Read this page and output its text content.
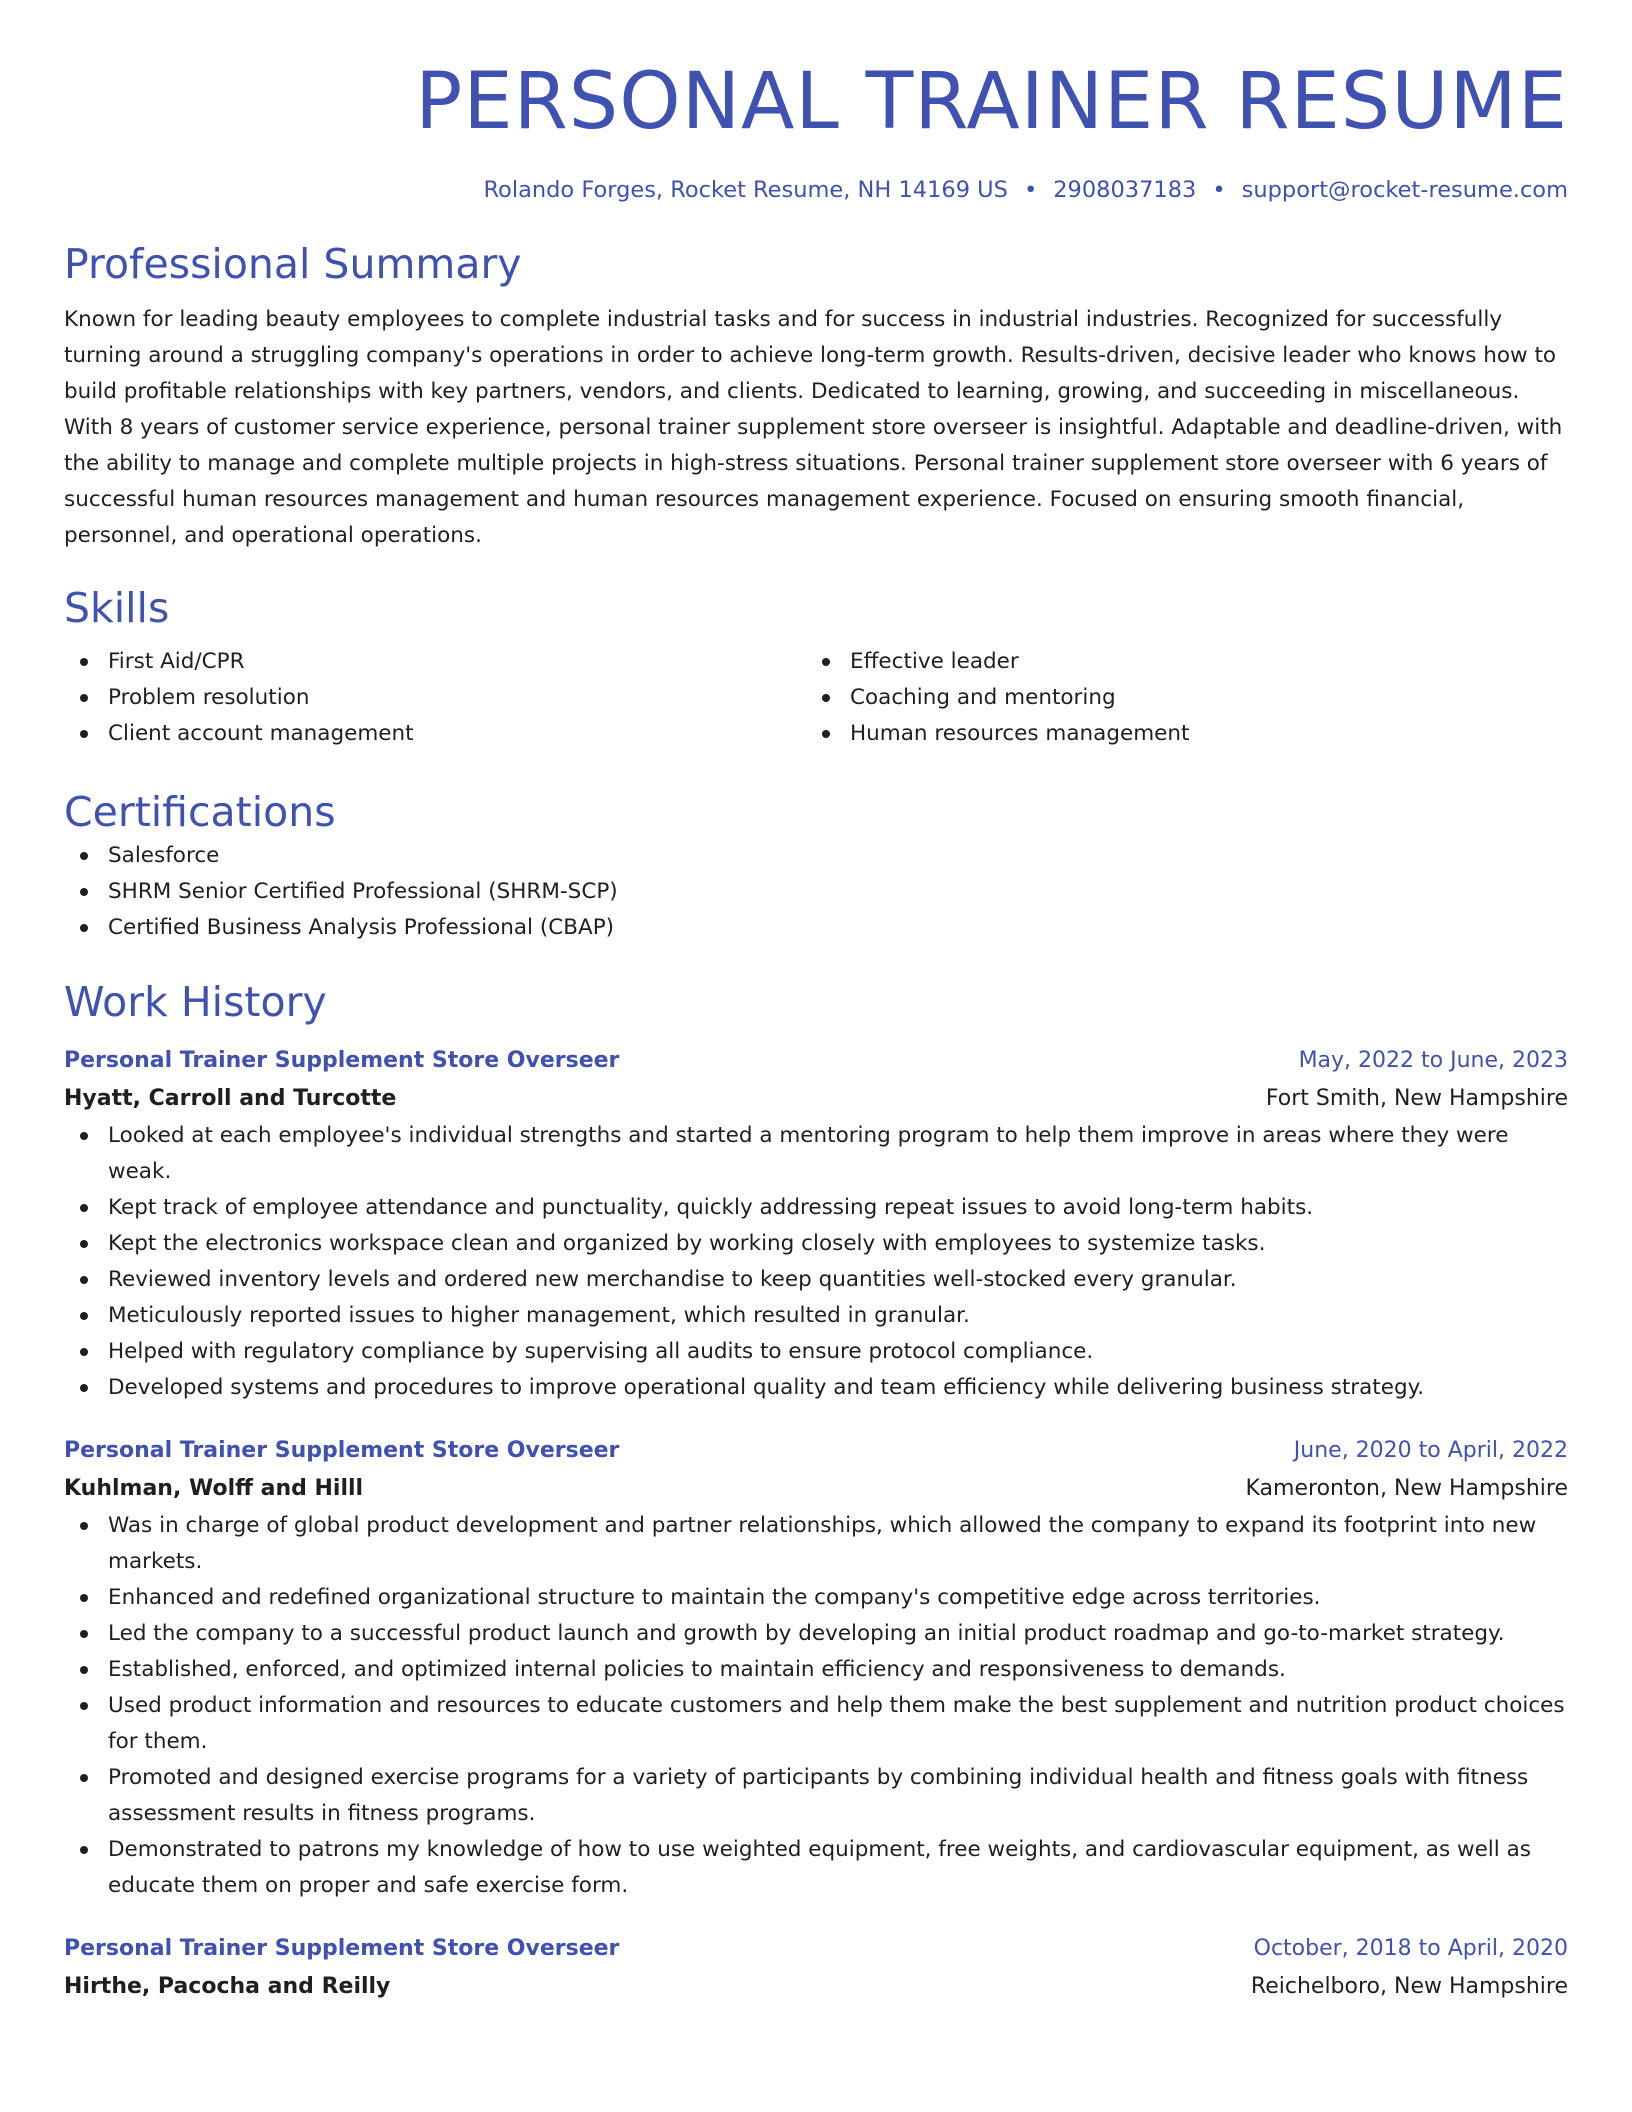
PERSONAL TRAINER RESUME
Rolando Forges, Rocket Resume, NH 14169 US • 2908037183 • support@rocket-resume.com
Professional Summary

Known for leading beauty employees to complete industrial tasks and for success in industrial industries. Recognized for successfully turning around a struggling company's operations in order to achieve long-term growth. Results-driven, decisive leader who knows how to build profitable relationships with key partners, vendors, and clients. Dedicated to learning, growing, and succeeding in miscellaneous. With 8 years of customer service experience, personal trainer supplement store overseer is insightful. Adaptable and deadline-driven, with the ability to manage and complete multiple projects in high-stress situations. Personal trainer supplement store overseer with 6 years of successful human resources management and human resources management experience. Focused on ensuring smooth financial, personnel, and operational operations.

Skills
First Aid/CPR
Problem resolution
Client account management
Effective leader
Coaching and mentoring
Human resources management
Certifications
Salesforce
SHRM Senior Certified Professional (SHRM-SCP)
Certified Business Analysis Professional (CBAP)
Work History
Personal Trainer Supplement Store Overseer	May, 2022 to June, 2023
Hyatt, Carroll and Turcotte	Fort Smith, New Hampshire
Looked at each employee's individual strengths and started a mentoring program to help them improve in areas where they were weak.
Kept track of employee attendance and punctuality, quickly addressing repeat issues to avoid long-term habits.
Kept the electronics workspace clean and organized by working closely with employees to systemize tasks.
Reviewed inventory levels and ordered new merchandise to keep quantities well-stocked every granular.
Meticulously reported issues to higher management, which resulted in granular.
Helped with regulatory compliance by supervising all audits to ensure protocol compliance.
Developed systems and procedures to improve operational quality and team efficiency while delivering business strategy.
Personal Trainer Supplement Store Overseer	June, 2020 to April, 2022
Kuhlman, Wolff and Hilll	Kameronton, New Hampshire
Was in charge of global product development and partner relationships, which allowed the company to expand its footprint into new markets.
Enhanced and redefined organizational structure to maintain the company's competitive edge across territories.
Led the company to a successful product launch and growth by developing an initial product roadmap and go-to-market strategy.
Established, enforced, and optimized internal policies to maintain efficiency and responsiveness to demands.
Used product information and resources to educate customers and help them make the best supplement and nutrition product choices for them.
Promoted and designed exercise programs for a variety of participants by combining individual health and fitness goals with fitness assessment results in fitness programs.
Demonstrated to patrons my knowledge of how to use weighted equipment, free weights, and cardiovascular equipment, as well as educate them on proper and safe exercise form.
Personal Trainer Supplement Store Overseer	October, 2018 to April, 2020
Hirthe, Pacocha and Reilly	Reichelboro, New Hampshire
